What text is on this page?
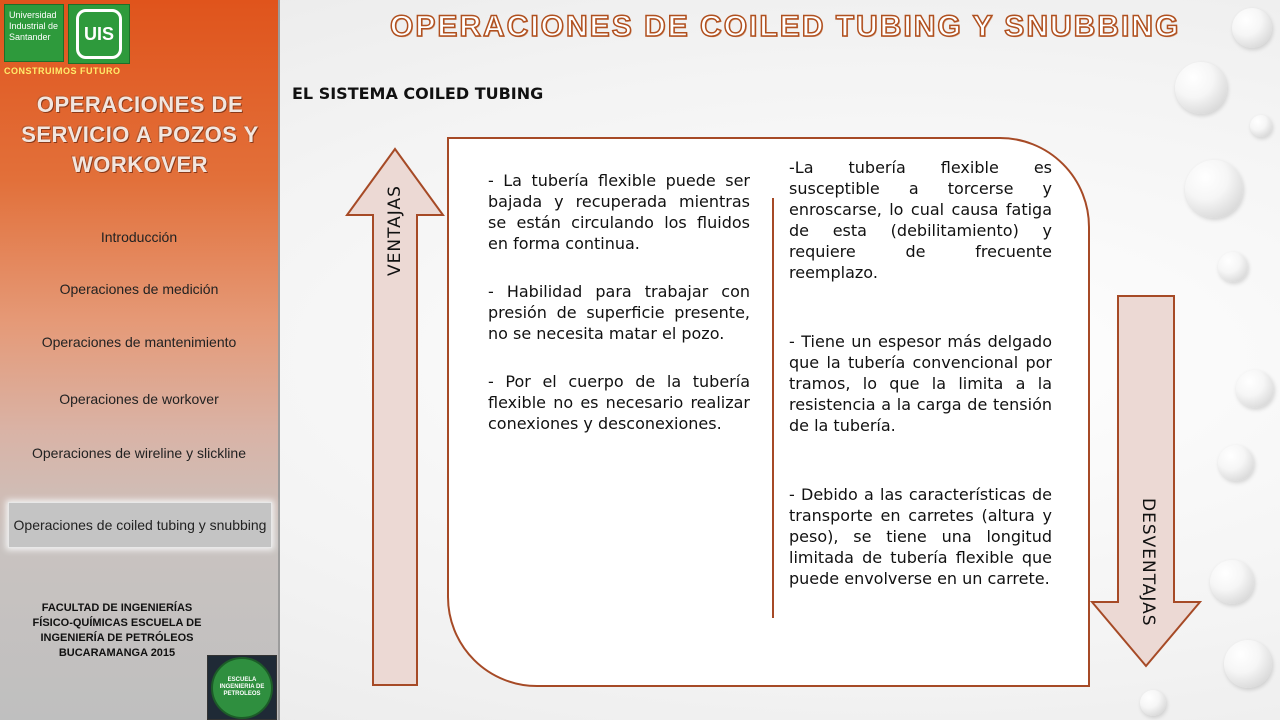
Universidad Industrial de Santander	UIS
CONSTRUIMOS FUTURO
OPERACIONES DE SERVICIO A POZOS Y WORKOVER
Introducción
Operaciones de medición
Operaciones de mantenimiento
Operaciones de workover
Operaciones de wireline y slickline
Operaciones de coiled tubing y snubbing
FACULTAD DE INGENIERÍAS FÍSICO-QUÍMICAS ESCUELA DE INGENIERÍA DE PETRÓLEOS BUCARAMANGA 2015
ESCUELA INGENIERIA DE PETROLEOS
OPERACIONES DE COILED TUBING Y SNUBBING
EL SISTEMA COILED TUBING
VENTAJAS

- La tubería flexible puede ser bajada y recuperada mientras se están circulando los fluidos en forma continua.

- Habilidad para trabajar con presión de superficie presente, no se necesita matar el pozo.

- Por el cuerpo de la tubería flexible no es necesario realizar conexiones y desconexiones.

-La tubería flexible es susceptible a torcerse y enroscarse, lo cual causa fatiga de esta (debilitamiento) y requiere de frecuente reemplazo.

- Tiene un espesor más delgado que la tubería convencional por tramos, lo que la limita a la resistencia a la carga de tensión de la tubería.

- Debido a las características de transporte en carretes (altura y peso), se tiene una longitud limitada de tubería flexible que puede envolverse en un carrete.	DESVENTAJAS
